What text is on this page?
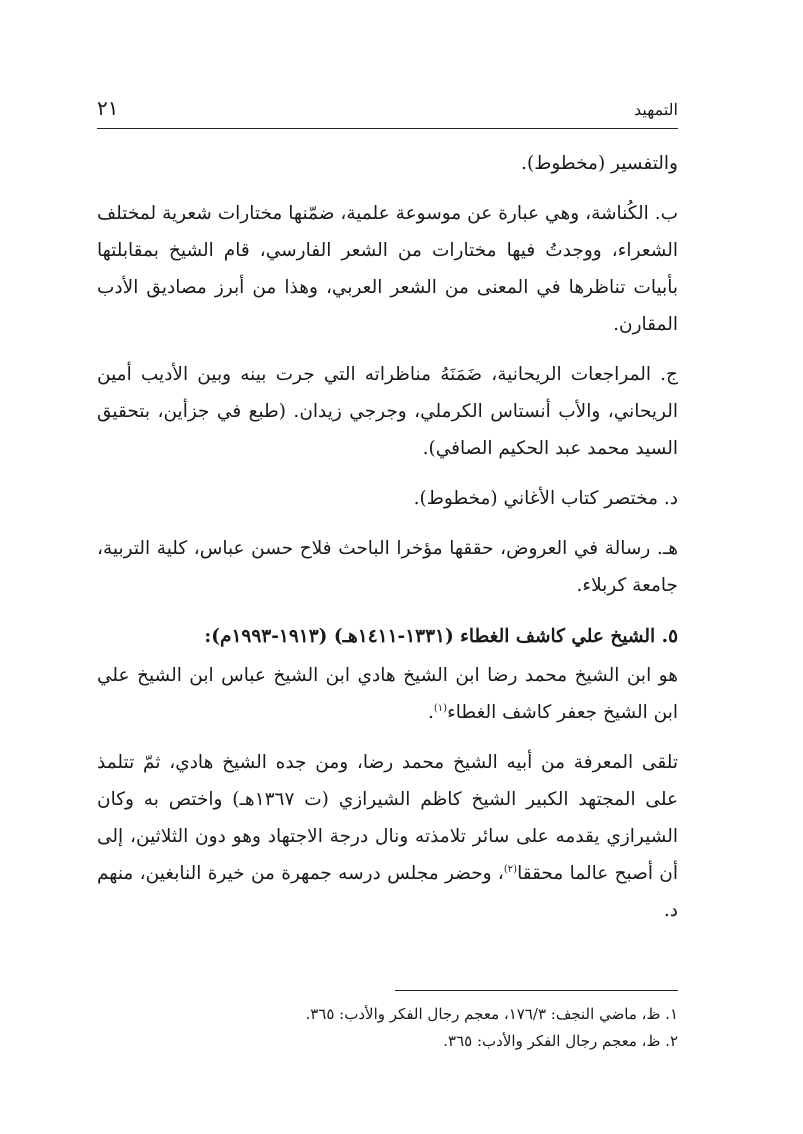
التمهيد
٢١

والتفسير (مخطوط).

ب. الكُناشة، وهي عبارة عن موسوعة علمية، ضمّنها مختارات شعرية لمختلف الشعراء، ووجدتُ فيها مختارات من الشعر الفارسي، قام الشيخ بمقابلتها بأبيات تناظرها في المعنى من الشعر العربي، وهذا من أبرز مصاديق الأدب المقارن.

ج. المراجعات الريحانية، ضَمَنَهُ مناظراته التي جرت بينه وبين الأديب أمين الريحاني، والأب أنستاس الكرملي، وجرجي زيدان. (طبع في جزأين، بتحقيق السيد محمد عبد الحكيم الصافي).

د. مختصر كتاب الأغاني (مخطوط).

هـ. رسالة في العروض، حققها مؤخرا الباحث فلاح حسن عباس، كلية التربية، جامعة كربلاء.

٥. الشيخ علي كاشف الغطاء (١٣٣١-١٤١١هـ) (١٩١٣-١٩٩٣م):

هو ابن الشيخ محمد رضا ابن الشيخ هادي ابن الشيخ عباس ابن الشيخ علي ابن الشيخ جعفر كاشف الغطاء$^{(١)}$.

تلقى المعرفة من أبيه الشيخ محمد رضا، ومن جده الشيخ هادي، ثمّ تتلمذ على المجتهد الكبير الشيخ كاظم الشيرازي (ت ١٣٦٧هـ) واختص به وكان الشيرازي يقدمه على سائر تلامذته ونال درجة الاجتهاد وهو دون الثلاثين، إلى أن أصبح عالما محققا$^{(٢)}$، وحضر مجلس درسه جمهرة من خيرة النابغين، منهم د.

١. ظ، ماضي النجف: ١٧٦/٣، معجم رجال الفكر والأدب: ٣٦٥.

٢. ظ، معجم رجال الفكر والأدب: ٣٦٥.
